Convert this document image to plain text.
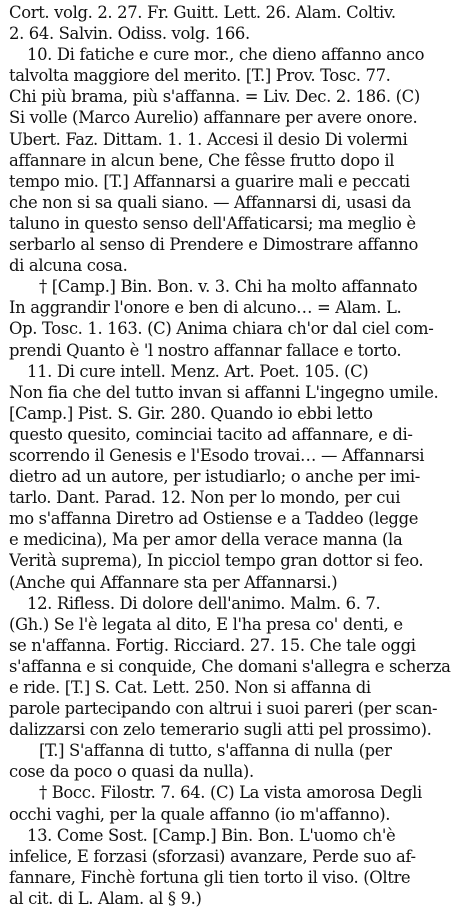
Cort. volg. 2. 27. Fr. Guitt. Lett. 26. Alam. Coltiv.
2. 64. Salvin. Odiss. volg. 166.
10. Di fatiche e cure mor., che dieno affanno anco
talvolta maggiore del merito. [T.] Prov. Tosc. 77.
Chi più brama, più s'affanna. = Liv. Dec. 2. 186. (C)
Si volle (Marco Aurelio) affannare per avere onore.
Ubert. Faz. Dittam. 1. 1. Accesi il desio Di volermi
affannare in alcun bene, Che fêsse frutto dopo il
tempo mio. [T.] Affannarsi a guarire mali e peccati
che non si sa quali siano. — Affannarsi di, usasi da
taluno in questo senso dell'Affaticarsi; ma meglio è
serbarlo al senso di Prendere e Dimostrare affanno
di alcuna cosa.
† [Camp.] Bin. Bon. v. 3. Chi ha molto affannato
In aggrandir l'onore e ben di alcuno… = Alam. L.
Op. Tosc. 1. 163. (C) Anima chiara ch'or dal ciel com-
prendi Quanto è 'l nostro affannar fallace e torto.
11. Di cure intell. Menz. Art. Poet. 105. (C)
Non fia che del tutto invan si affanni L'ingegno umile.
[Camp.] Pist. S. Gir. 280. Quando io ebbi letto
questo quesito, cominciai tacito ad affannare, e di-
scorrendo il Genesis e l'Esodo trovai… — Affannarsi
dietro ad un autore, per istudiarlo; o anche per imi-
tarlo. Dant. Parad. 12. Non per lo mondo, per cui
mo s'affanna Diretro ad Ostiense e a Taddeo (legge
e medicina), Ma per amor della verace manna (la
Verità suprema), In picciol tempo gran dottor si feo.
(Anche qui Affannare sta per Affannarsi.)
12. Rifless. Di dolore dell'animo. Malm. 6. 7.
(Gh.) Se l'è legata al dito, E l'ha presa co' denti, e
se n'affanna. Fortig. Ricciard. 27. 15. Che tale oggi
s'affanna e si conquide, Che domani s'allegra e scherza
e ride. [T.] S. Cat. Lett. 250. Non si affanna di
parole partecipando con altrui i suoi pareri (per scan-
dalizzarsi con zelo temerario sugli atti pel prossimo).
[T.] S'affanna di tutto, s'affanna di nulla (per
cose da poco o quasi da nulla).
† Bocc. Filostr. 7. 64. (C) La vista amorosa Degli
occhi vaghi, per la quale affanno (io m'affanno).
13. Come Sost. [Camp.] Bin. Bon. L'uomo ch'è
infelice, E forzasi (sforzasi) avanzare, Perde suo af-
fannare, Finchè fortuna gli tien torto il viso. (Oltre
al cit. di L. Alam. al § 9.)
